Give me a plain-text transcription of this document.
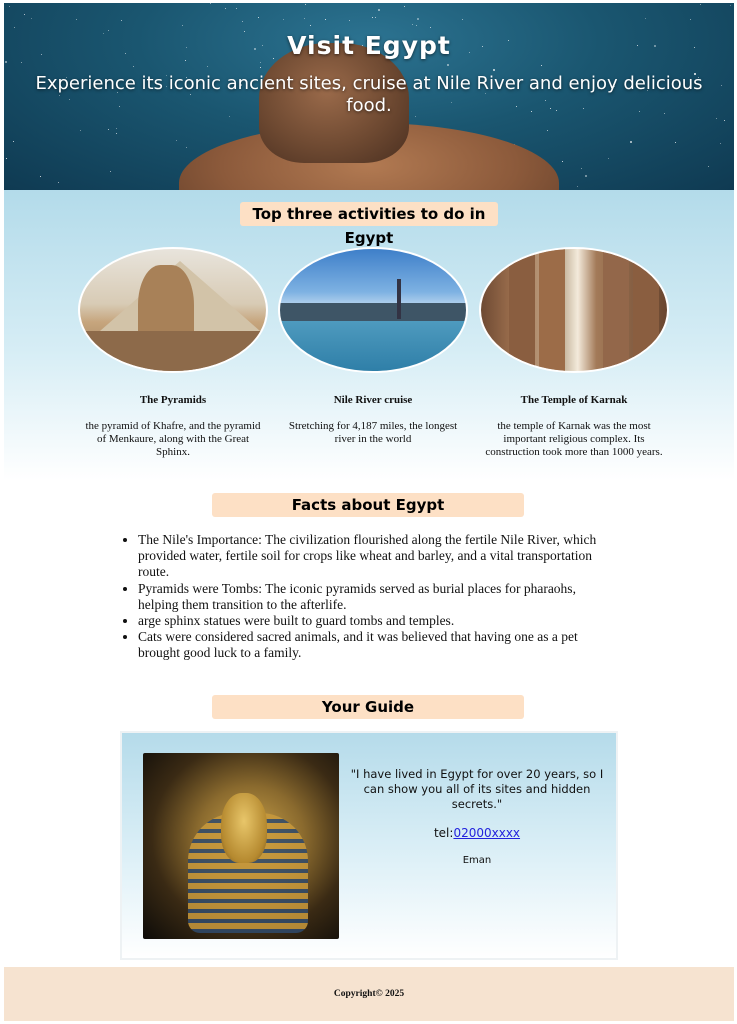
Visit Egypt

Experience its iconic ancient sites, cruise at Nile River and enjoy delicious food.

Top three activities to do in Egypt
The Pyramids

the pyramid of Khafre, and the pyramid of Menkaure, along with the Great Sphinx.

Nile River cruise

Stretching for 4,187 miles, the longest river in the world

The Temple of Karnak

the temple of Karnak was the most important religious complex. Its construction took more than 1000 years.

Facts about Egypt
• The Nile's Importance: The civilization flourished along the fertile Nile River, which provided water, fertile soil for crops like wheat and barley, and a vital transportation route.
• Pyramids were Tombs: The iconic pyramids served as burial places for pharaohs, helping them transition to the afterlife.
• arge sphinx statues were built to guard tombs and temples.
• Cats were considered sacred animals, and it was believed that having one as a pet brought good luck to a family.
Your Guide

"I have lived in Egypt for over 20 years, so I can show you all of its sites and hidden secrets."

tel:02000xxxx

Eman

Copyright© 2025
